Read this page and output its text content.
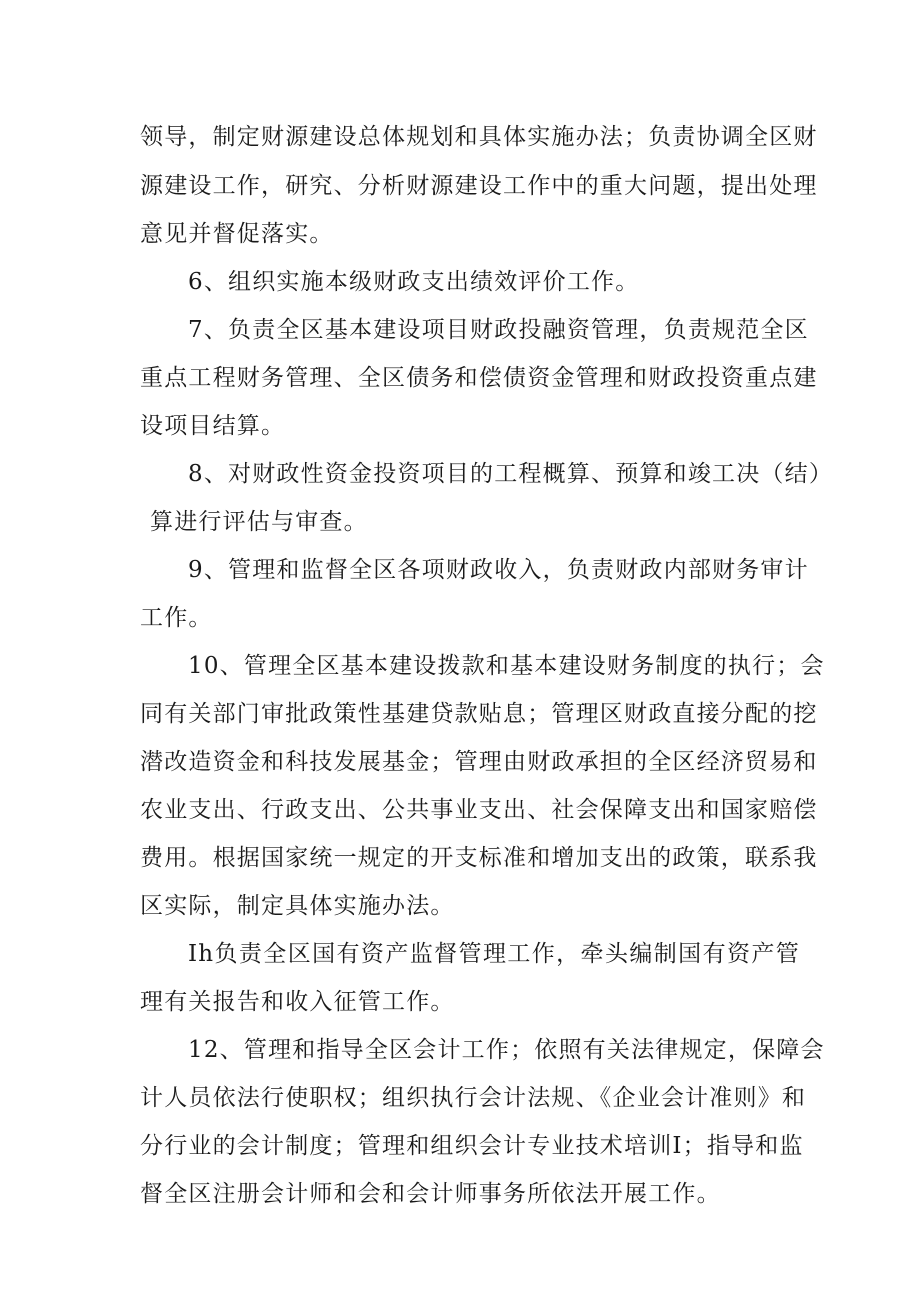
领导，制定财源建设总体规划和具体实施办法；负责协调全区财
源建设工作，研究、分析财源建设工作中的重大问题，提出处理
意见并督促落实。
6、组织实施本级财政支出绩效评价工作。
7、负责全区基本建设项目财政投融资管理，负责规范全区
重点工程财务管理、全区债务和偿债资金管理和财政投资重点建
设项目结算。
8、对财政性资金投资项目的工程概算、预算和竣工决（结）
算进行评估与审查。
9、管理和监督全区各项财政收入，负责财政内部财务审计
工作。
10、管理全区基本建设拨款和基本建设财务制度的执行；会
同有关部门审批政策性基建贷款贴息；管理区财政直接分配的挖
潜改造资金和科技发展基金；管理由财政承担的全区经济贸易和
农业支出、行政支出、公共事业支出、社会保障支出和国家赔偿
费用。根据国家统一规定的开支标准和增加支出的政策，联系我
区实际，制定具体实施办法。
Ih负责全区国有资产监督管理工作，牵头编制国有资产管
理有关报告和收入征管工作。
12、管理和指导全区会计工作；依照有关法律规定，保障会
计人员依法行使职权；组织执行会计法规、《企业会计准则》和
分行业的会计制度；管理和组织会计专业技术培训I；指导和监
督全区注册会计师和会和会计师事务所依法开展工作。
